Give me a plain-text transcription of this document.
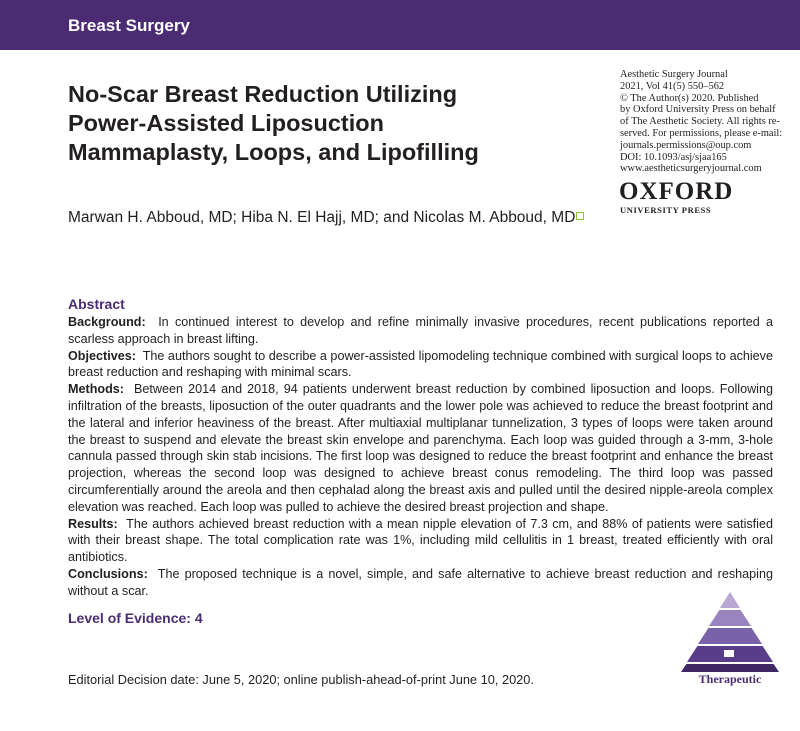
Breast Surgery
No-Scar Breast Reduction Utilizing Power-Assisted Liposuction Mammaplasty, Loops, and Lipofilling
Aesthetic Surgery Journal
2021, Vol 41(5) 550–562
© The Author(s) 2020. Published
by Oxford University Press on behalf
of The Aesthetic Society. All rights re-
served. For permissions, please e-mail:
journals.permissions@oup.com
DOI: 10.1093/asj/sjaa165
www.aestheticsurgeryjournal.com
OXFORD
UNIVERSITY PRESS
Marwan H. Abboud, MD; Hiba N. El Hajj, MD; and Nicolas M. Abboud, MD
Abstract

Background: In continued interest to develop and refine minimally invasive procedures, recent publications reported a scarless approach in breast lifting.

Objectives: The authors sought to describe a power-assisted lipomodeling technique combined with surgical loops to achieve breast reduction and reshaping with minimal scars.

Methods: Between 2014 and 2018, 94 patients underwent breast reduction by combined liposuction and loops. Following infiltration of the breasts, liposuction of the outer quadrants and the lower pole was achieved to reduce the breast footprint and the lateral and inferior heaviness of the breast. After multiaxial multiplanar tunnelization, 3 types of loops were taken around the breast to suspend and elevate the breast skin envelope and parenchyma. Each loop was guided through a 3-mm, 3-hole cannula passed through skin stab incisions. The first loop was designed to reduce the breast footprint and enhance the breast projection, whereas the second loop was designed to achieve breast conus remodeling. The third loop was passed circumferentially around the areola and then cephalad along the breast axis and pulled until the desired nipple-areola complex elevation was reached. Each loop was pulled to achieve the desired breast projection and shape.

Results: The authors achieved breast reduction with a mean nipple elevation of 7.3 cm, and 88% of patients were satisfied with their breast shape. The total complication rate was 1%, including mild cellulitis in 1 breast, treated efficiently with oral antibiotics.

Conclusions: The proposed technique is a novel, simple, and safe alternative to achieve breast reduction and reshaping without a scar.

Level of Evidence: 4
Therapeutic
Editorial Decision date: June 5, 2020; online publish-ahead-of-print June 10, 2020.
